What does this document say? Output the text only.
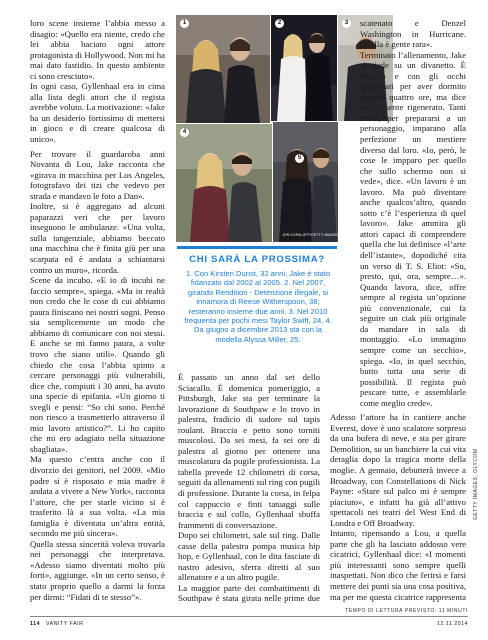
loro scene insieme l’abbia messo a disagio: «Quello era niente, credo che lei abbia baciato ogni attore protagonista di Hollywood. Non mi ha mai dato fastidio. In questo ambiente ci sono cresciuto».

In ogni caso, Gyllenhaal era in cima alla lista degli attori che il regista avrebbe voluto. La motivazione: «Jake ha un desiderio fortissimo di mettersi in gioco e di creare qualcosa di unico».

Per trovare il guardaroba anni Novanta di Lou, Jake racconta che «girava in macchina per Los Angeles, fotografavo dei tizi che vedevo per strada e mandavo le foto a Dan».

Inoltre, si è aggregato ad alcuni paparazzi veri che per lavoro inseguono le ambulanze. «Una volta, sulla tangenziale, abbiamo beccato una macchina che è finita giù per una scarpata ed è andata a schiantarsi contro un muro», ricorda.

Scene da incubo. «E io di incubi ne faccio sempre», spiega. «Ma in realtà non credo che le cose di cui abbiamo paura finiscano nei nostri sogni. Penso sia semplicemente un modo che abbiamo di comunicare con noi stessi. E anche se mi fanno paura, a volte trovo che siano utili». Quando gli chiedo che cosa l’abbia spinto a cercare personaggi più vulnerabili, dice che, compiuti i 30 anni, ha avuto una specie di epifania. «Un giorno ti svegli e pensi: “So chi sono. Perché non riesco a trasmetterlo attraverso il mio lavoro artistico?”. Li ho capito che mi ero adagiato nella situazione sbagliata».

Ma questo c’entra anche con il divorzio dei genitori, nel 2009. «Mio padre si è risposato e mia madre è andata a vivere a New York», racconta l’attore, che per starle vicino si è trasferito là a sua volta. «La mia famiglia è diventata un’altra entità, secondo me più sincera».

Quella stessa sincerità voleva trovarla nei personaggi che interpretava. «Adesso siamo diventati molto più forti», aggiunge. «In un certo senso, è stato proprio quello a darmi la forza per dirmi: “Fidati di te stesso”».

1	2	3
4
5
JON KOPALOFF/GETTY IMAGES
CHI SARÀ LA PROSSIMA?
1. Con Kirsten Dunst, 32 anni, Jake è stato fidanzato dal 2002 al 2005. 2. Nel 2007, girando Rendition - Detenzione illegale, si innamora di Reese Witherspoon, 38; resteranno insieme due anni. 3. Nel 2010 frequenta per pochi mesi Taylor Swift, 24. 4. Da giugno a dicembre 2013 sta con la modella Alyssa Miller, 25.

È passato un anno dal set dello Sciacallo. È domenica pomeriggio, a Pittsburgh, Jake sta per terminare la lavorazione di Southpaw e lo trovo in palestra, fradicio di sudore sul tapis roulant. Braccia e petto sono torniti muscolosi. Da sei mesi, fa sei ore di palestra al giorno per ottenere una muscolatura da pugile professionista. La tabella prevede 12 chilometri di corsa, seguiti da allenamenti sul ring con pugili di professione. Durante la corsa, in felpa col cappuccio e finti tatuaggi sulle braccia e sul collo, Gyllenhaal sbuffa frammenti di conversazione.

Dopo sei chilometri, sale sul ring. Dalle casse della palestra pompa musica hip hop, e Gyllenhaal, con le dita fasciate di nastro adesivo, sferra diretti al suo allenatore e a un altro pugile.

La maggior parte dei combattimenti di Southpaw è stata girata nelle prime due

scatenato e Denzel Washington in Hurricane. Quella è gente rara».

Terminato l’allenamento, Jake si siede su un divanetto. È esausto e con gli occhi appannati per aver dormito appena quattro ore, ma dice che si sente rigenerato. Tanti attori, per prepararsi a un personaggio, imparano alla perfezione un mestiere diverso dal loro. «Io, però, le cose le impparo per quello che sullo schermo non si vede», dice. «Un lavoro è un lavoro. Ma può diventare anche qualcos’altro, quando sotto c’è l’esperienza di quel lavoro». Jake ammira gli attori capaci di comprendere quella che lui definisce «l’arte dell’istante», dopodiché cita un verso di T. S. Eliot: «Su, presto, qui, ora, sempre…». Quando lavora, dice, offre sempre al regista un’opzione più convenzionale, cui fa seguire un ciak più originale da mandare in sala di montaggio. «Lo immagino sempre come un secchio», spiega. «Io, in quel secchio, butto tutta una serie di possibilità. Il regista può pescare tutte, e assemblarle come meglio crede».

Adesso l’attore ha in cantiere anche Everest, dove è uno scalatore sorpreso da una bufera di neve, e sta per girare Demolition, su un banchiere la cui vita deraglia dopo la tragica morte della moglie. A gennaio, debutterà invece a Broadway, con Constellations di Nick Payne: «Stare sul palco mi è sempre piaciuto», e infatti ha già all’attivo spettacoli nei teatri del West End di Londra e Off Broadway.

Intanto, ripensando a Lou, a quella parte che gli ha lasciato addosso vere cicatrici, Gyllenhaal dice: «I momenti più interessanti sono sempre quelli inaspettati. Non dico che ferirsi e farsi mettere dei punti sia una cosa positiva, ma per me questa cicatrice rappresenta

GETTY IMAGES, OLYCOM
TEMPO DI LETTURA PREVISTO: 11 MINUTI
114 VANITY FAIR	12.11.2014
